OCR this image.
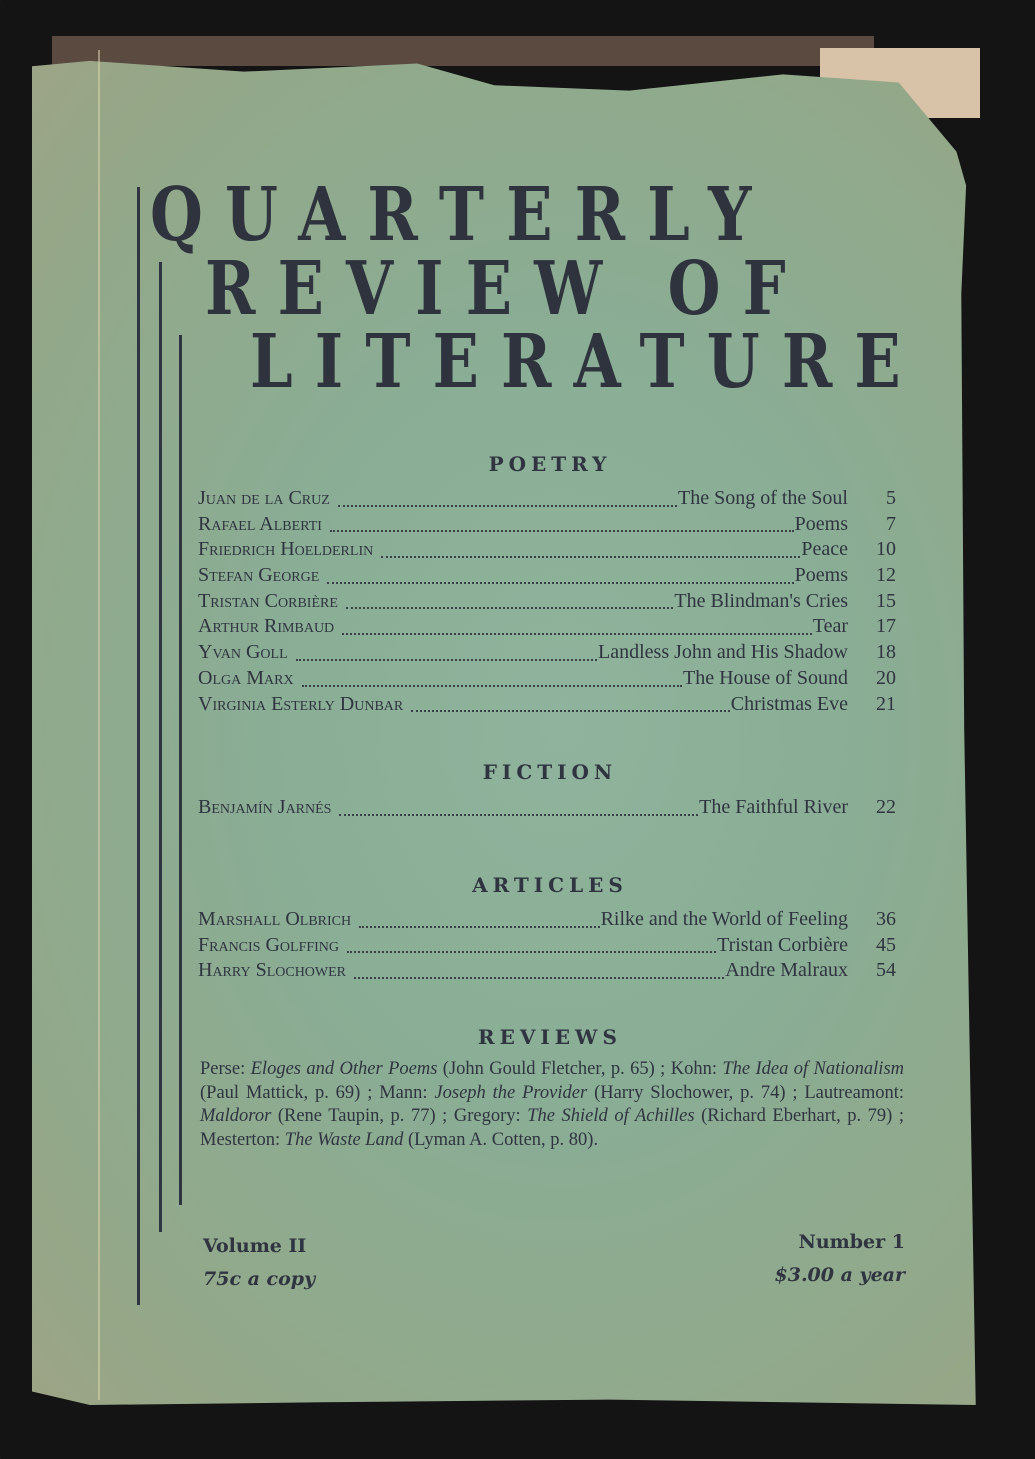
QUARTERLY
REVIEW OF
LITERATURE
POETRY
Juan de la Cruz	The Song of the Soul	5
Rafael Alberti	Poems	7
Friedrich Hoelderlin	Peace	10
Stefan George	Poems	12
Tristan Corbière	The Blindman's Cries	15
Arthur Rimbaud	Tear	17
Yvan Goll	Landless John and His Shadow	18
Olga Marx	The House of Sound	20
Virginia Esterly Dunbar	Christmas Eve	21
FICTION
Benjamín Jarnés	The Faithful River	22
ARTICLES
Marshall Olbrich	Rilke and the World of Feeling	36
Francis Golffing	Tristan Corbière	45
Harry Slochower	Andre Malraux	54
REVIEWS
Perse: Eloges and Other Poems (John Gould Fletcher, p. 65) ; Kohn: The Idea of Nationalism (Paul Mattick, p. 69) ; Mann: Joseph the Provider (Harry Slochower, p. 74) ; Lautreamont: Maldoror (Rene Taupin, p. 77) ; Gregory: The Shield of Achilles (Richard Eberhart, p. 79) ; Mesterton: The Waste Land (Lyman A. Cotten, p. 80).
Volume II
75c a copy
Number 1
$3.00 a year
